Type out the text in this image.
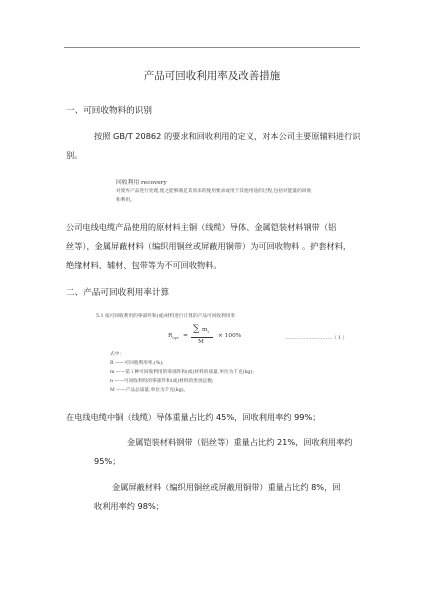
产品可回收利用率及改善措施
一、可回收物料的识别
按照 GB/T 20862 的要求和回收利用的定义，对本公司主要原辅料进行识
别。
回收利用 recovery
对废弃产品进行处理,使之能够满足其原来的使用要求或用于其他用途的过程,包括对能量的回收
和利用。
公司电线电缆产品使用的原材料主铜（线缆）导体、金属铠装材料钢带（铝
丝等），金属屏蔽材料（编织用铜丝或屏蔽用铜带）为可回收物料 。护套材料，
绝缘材料、辅材、包带等为不可回收物料。
二、产品可回收利用率计算
5.1 按可回收利用的零部件和(或)材料进行计算的产品可回收利用率
$R_{cyc}$ =
∑ $m_i$
M
× 100%	…………………………（ 1 ）
式中：
R ——可回收利用率,(%);
m ——第 i 种可回收利用的零部件和(或)材料的质量,单位为千克(kg);
n ——可回收利用的零部件和(或)材料的类别总数;
M ——产品总质量,单位为千克(kg)。
在电线电缆中铜（线缆）导体重量占比约 45%，回收利用率约 99%；
金属铠装材料钢带（铝丝等）重量占比约 21%，回收利用率约
95%；
金属屏蔽材料（编织用铜丝或屏蔽用铜带）重量占比约 8%，回
收利用率约 98%；
